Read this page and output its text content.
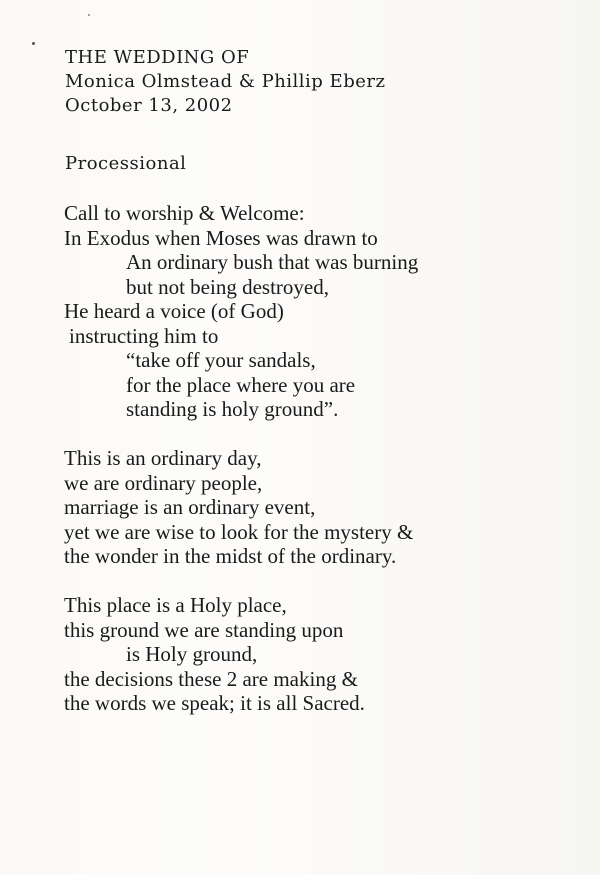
THE WEDDING OF
Monica Olmstead & Phillip Eberz
October 13, 2002
Processional
Call to worship & Welcome:
In Exodus when Moses was drawn to
An ordinary bush that was burning
but not being destroyed,
He heard a voice (of God)
instructing him to
“take off your sandals,
for the place where you are
standing is holy ground”.
This is an ordinary day,
we are ordinary people,
marriage is an ordinary event,
yet we are wise to look for the mystery &
the wonder in the midst of the ordinary.
This place is a Holy place,
this ground we are standing upon
is Holy ground,
the decisions these 2 are making &
the words we speak; it is all Sacred.
